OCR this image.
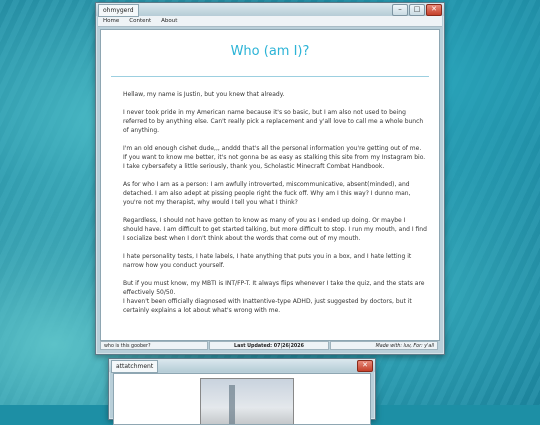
ohmygerd	–	□	✕
Home	Content	About
Who (am I)?

Hellaw, my name is Justin, but you knew that already.

I never took pride in my American name because it's so basic, but I am also not used to being referred to by anything else. Can't really pick a replacement and y'all love to call me a whole bunch of anything.

I'm an old enough cishet dude,,, anddd that's all the personal information you're getting out of me. If you want to know me better, it's not gonna be as easy as stalking this site from my Instagram bio. I take cybersafety a little seriously, thank you, Scholastic Minecraft Combat Handbook.

As for who I am as a person: I am awfully introverted, miscommunicative, absent(minded), and detached. I am also adept at pissing people right the fuck off. Why am I this way? I dunno man, you're not my therapist, why would I tell you what I think?

Regardless, I should not have gotten to know as many of you as I ended up doing. Or maybe I should have. I am difficult to get started talking, but more difficult to stop. I run my mouth, and I find I socialize best when I don't think about the words that come out of my mouth.

I hate personality tests, I hate labels, I hate anything that puts you in a box, and I hate letting it narrow how you conduct yourself.

But if you must know, my MBTI is INT/FP-T. It always flips whenever I take the quiz, and the stats are effectively 50/50.

I haven't been officially diagnosed with Inattentive-type ADHD, just suggested by doctors, but it certainly explains a lot about what's wrong with me.

who is this goober?	Last Updated: 07|26|2026	Made with: luv, For: y'all
attatchment	✕
